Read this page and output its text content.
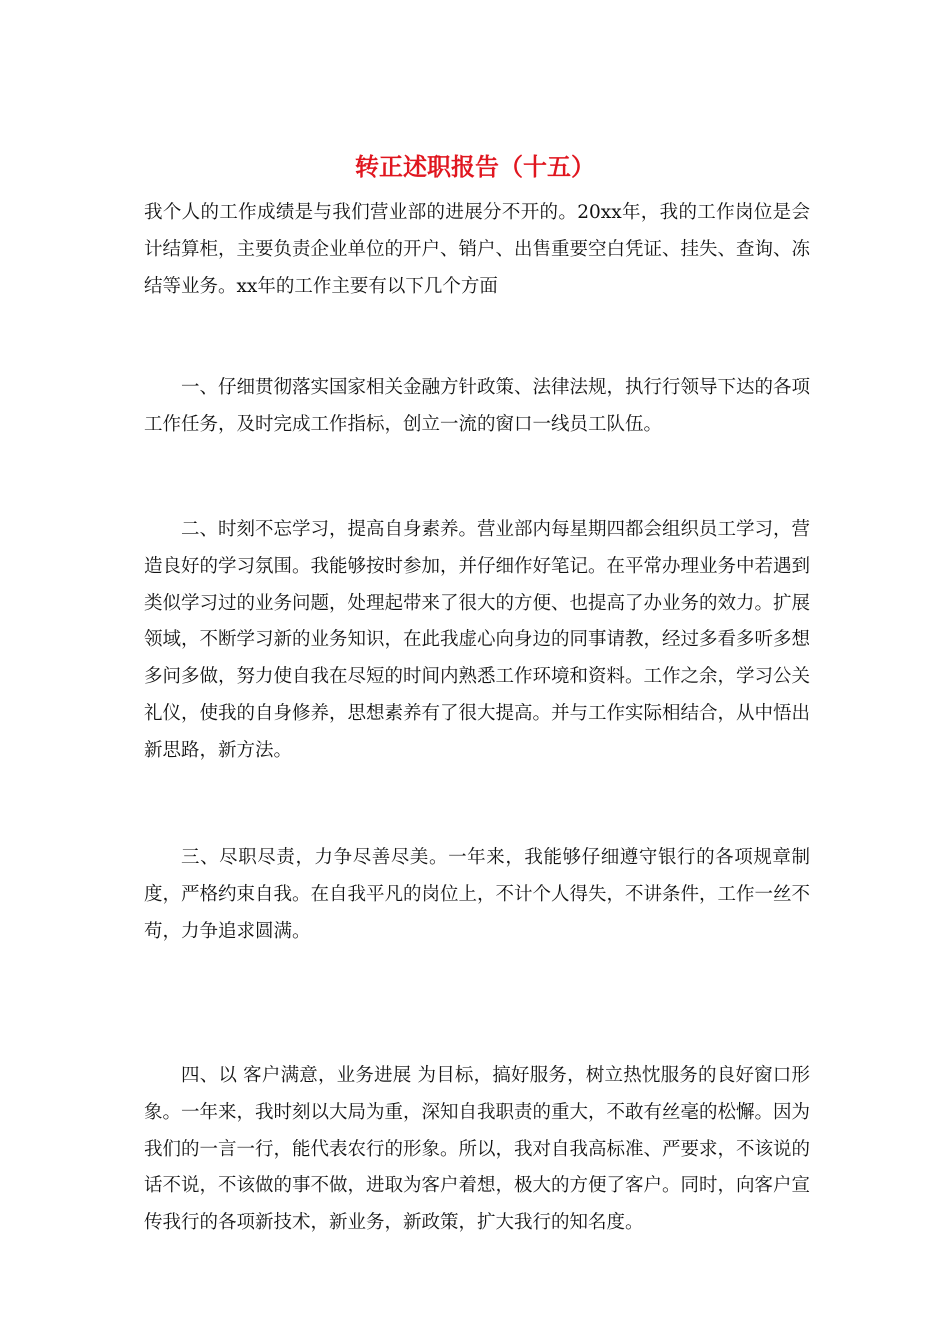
转正述职报告（十五）

我个人的工作成绩是与我们营业部的进展分不开的。20xx年，我的工作岗位是会计结算柜，主要负责企业单位的开户、销户、出售重要空白凭证、挂失、查询、冻结等业务。xx年的工作主要有以下几个方面

一、仔细贯彻落实国家相关金融方针政策、法律法规，执行行领导下达的各项工作任务，及时完成工作指标，创立一流的窗口一线员工队伍。

二、时刻不忘学习，提高自身素养。营业部内每星期四都会组织员工学习，营造良好的学习氛围。我能够按时参加，并仔细作好笔记。在平常办理业务中若遇到类似学习过的业务问题，处理起带来了很大的方便、也提高了办业务的效力。扩展领域，不断学习新的业务知识，在此我虚心向身边的同事请教，经过多看多听多想多问多做，努力使自我在尽短的时间内熟悉工作环境和资料。工作之余，学习公关礼仪，使我的自身修养，思想素养有了很大提高。并与工作实际相结合，从中悟出新思路，新方法。

三、尽职尽责，力争尽善尽美。一年来，我能够仔细遵守银行的各项规章制度，严格约束自我。在自我平凡的岗位上，不计个人得失，不讲条件，工作一丝不苟，力争追求圆满。

四、以 客户满意，业务进展 为目标，搞好服务，树立热忱服务的良好窗口形象。一年来，我时刻以大局为重，深知自我职责的重大，不敢有丝毫的松懈。因为我们的一言一行，能代表农行的形象。所以，我对自我高标准、严要求，不该说的话不说，不该做的事不做，进取为客户着想，极大的方便了客户。同时，向客户宣传我行的各项新技术，新业务，新政策，扩大我行的知名度。
